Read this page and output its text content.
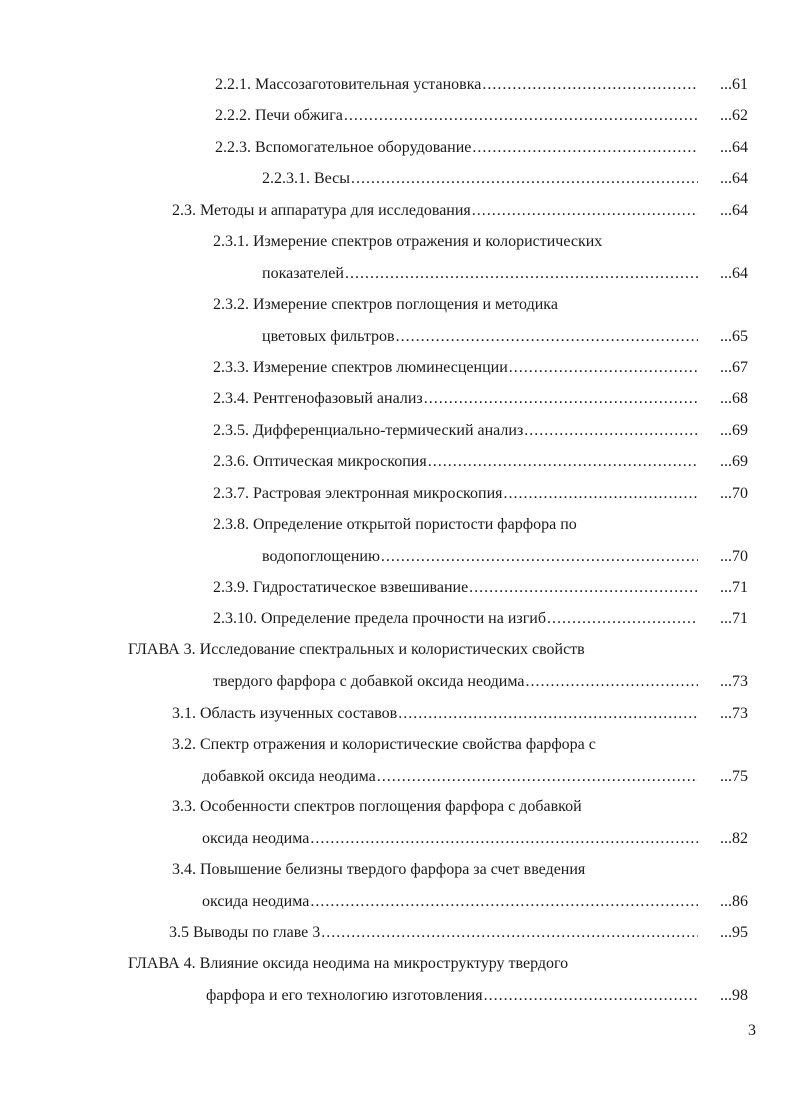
2.2.1. Массозаготовительная установка .....	...61
2.2.2. Печи обжига .....	...62
2.2.3. Вспомогательное оборудование .....	...64
2.2.3.1. Весы .....	...64
2.3. Методы и аппаратура для исследования .....	...64
2.3.1. Измерение спектров отражения и колористических
показателей .....	...64
2.3.2. Измерение спектров поглощения и методика
цветовых фильтров .....	...65
2.3.3. Измерение спектров люминесценции .....	...67
2.3.4. Рентгенофазовый анализ .....	...68
2.3.5. Дифференциально-термический анализ .....	...69
2.3.6. Оптическая микроскопия .....	...69
2.3.7. Растровая электронная микроскопия .....	...70
2.3.8. Определение открытой пористости фарфора по
водопоглощению .....	...70
2.3.9. Гидростатическое взвешивание .....	...71
2.3.10. Определение предела прочности на изгиб .....	...71
ГЛАВА 3. Исследование спектральных и колористических свойств
твердого фарфора с добавкой оксида неодима .....	...73
3.1. Область изученных составов .....	...73
3.2. Спектр отражения и колористические свойства фарфора с
добавкой оксида неодима .....	...75
3.3. Особенности спектров поглощения фарфора с добавкой
оксида неодима .....	...82
3.4. Повышение белизны твердого фарфора за счет введения
оксида неодима .....	...86
3.5 Выводы по главе 3 .....	...95
ГЛАВА 4. Влияние оксида неодима на микроструктуру твердого
фарфора и его технологию изготовления .....	...98
3
